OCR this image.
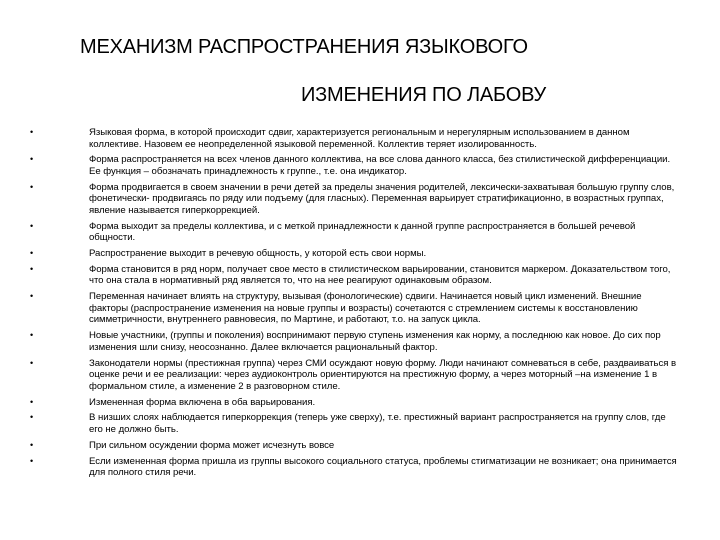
МЕХАНИЗМ РАСПРОСТРАНЕНИЯ ЯЗЫКОВОГО
ИЗМЕНЕНИЯ ПО ЛАБОВУ
•	Языковая форма, в которой происходит сдвиг, характеризуется региональным и нерегулярным использованием в данном коллективе. Назовем ее неопределенной языковой переменной. Коллектив теряет изолированность.
•	Форма распространяется на всех членов данного коллектива, на все слова данного класса, без стилистической дифференциации. Ее функция – обозначать принадлежность к группе., т.е. она индикатор.
•	Форма продвигается в своем значении в речи детей за пределы значения родителей, лексически-захватывая большую группу слов, фонетически- продвигаясь по ряду или подъему (для гласных). Переменная варьирует стратификационно, в возрастных группах, явление называется гиперкоррекцией.
•	Форма выходит за пределы коллектива, и с меткой принадлежности к данной группе распространяется в большей речевой общности.
•	Распространение выходит в речевую общность, у которой есть свои нормы.
•	Форма становится в ряд норм, получает свое место в стилистическом варьировании, становится маркером. Доказательством того, что она стала в нормативный ряд является то, что на нее реагируют одинаковым образом.
•	Переменная начинает влиять на структуру, вызывая (фонологические) сдвиги. Начинается новый цикл изменений. Внешние факторы (распространение изменения на новые группы и возрасты) сочетаются с стремлением системы к восстановлению симметричности, внутреннего равновесия, по Мартине, и работают, т.о. на запуск цикла.
•	Новые участники, (группы и поколения) воспринимают первую ступень изменения как норму, а последнюю как новое. До сих пор изменения шли снизу, неосознанно. Далее включается рациональный фактор.
•	Законодатели нормы (престижная группа) через СМИ осуждают новую форму. Люди начинают сомневаться в себе, раздваиваться в оценке речи и ее реализации: через аудиоконтроль ориентируются на престижную форму, а через моторный –на изменение 1 в формальном стиле, а изменение 2 в разговорном стиле.
•	Измененная форма включена в оба варьирования.
•	В низших слоях наблюдается гиперкоррекция (теперь уже сверху), т.е. престижный вариант распространяется на группу слов, где его не должно быть.
•	При сильном осуждении форма может исчезнуть вовсе
•	Если измененная форма пришла из группы высокого социального статуса, проблемы стигматизации не возникает; она принимается для полного стиля речи.
